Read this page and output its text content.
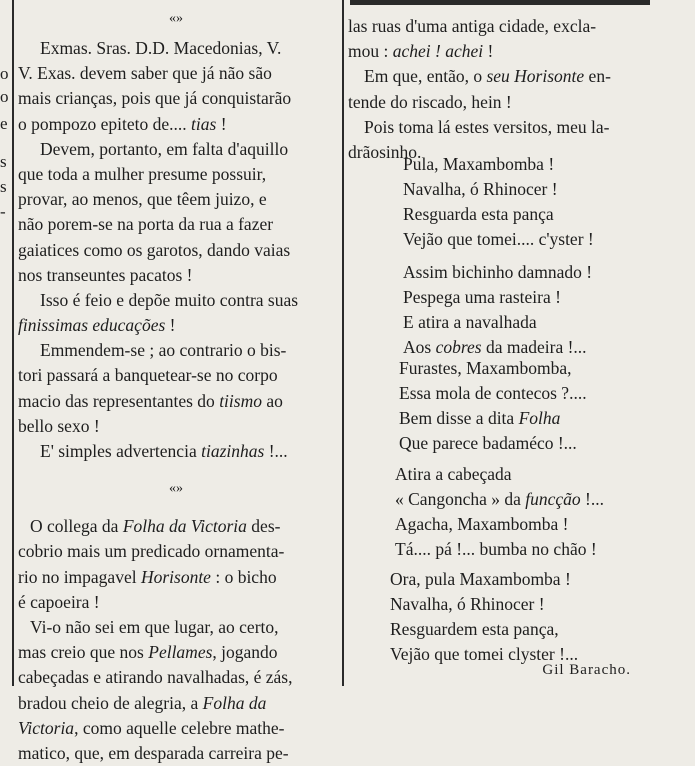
o
e
o
s
s
-
«»
Exmas. Sras. D.D. Macedonias, V.
V. Exas. devem saber que já não são
mais crianças, pois que já conquistarão
o pompozo epiteto de.... tias !
Devem, portanto, em falta d'aquillo
que toda a mulher presume possuir,
provar, ao menos, que têem juizo, e
não porem-se na porta da rua a fazer
gaiatices como os garotos, dando vaias
nos transeuntes pacatos !
Isso é feio e depõe muito contra suas
finissimas educações !
Emmendem-se ; ao contrario o bis-
tori passará a banquetear-se no corpo
macio das representantes do tiismo ao
bello sexo !
E' simples advertencia tiazinhas !...
«»
O collega da Folha da Victoria des-
cobrio mais um predicado ornamenta-
rio no impagavel Horisonte : o bicho
é capoeira !
Vi-o não sei em que lugar, ao certo,
mas creio que nos Pellames, jogando
cabeçadas e atirando navalhadas, é zás,
bradou cheio de alegria, a Folha da
Victoria, como aquelle celebre mathe-
matico, que, em desparada carreira pe-
las ruas d'uma antiga cidade, excla-
mou : achei ! achei !
Em que, então, o seu Horisonte en-
tende do riscado, hein !
Pois toma lá estes versitos, meu la-
drãosinho.
Pula, Maxambomba !
Navalha, ó Rhinocer !
Resguarda esta pança
Vejão que tomei.... c'yster !
Assim bichinho damnado !
Pespega uma rasteira !
E atira a navalhada
Aos cobres da madeira !...
Furastes, Maxambomba,
Essa mola de contecos ?....
Bem disse a dita Folha
Que parece badaméco !...
Atira a cabeçada
« Cangoncha » da funcção !...
Agacha, Maxambomba !
Tá.... pá !... bumba no chão !
Ora, pula Maxambomba !
Navalha, ó Rhinocer !
Resguardem esta pança,
Vejão que tomei clyster !...
Gil Baracho.
